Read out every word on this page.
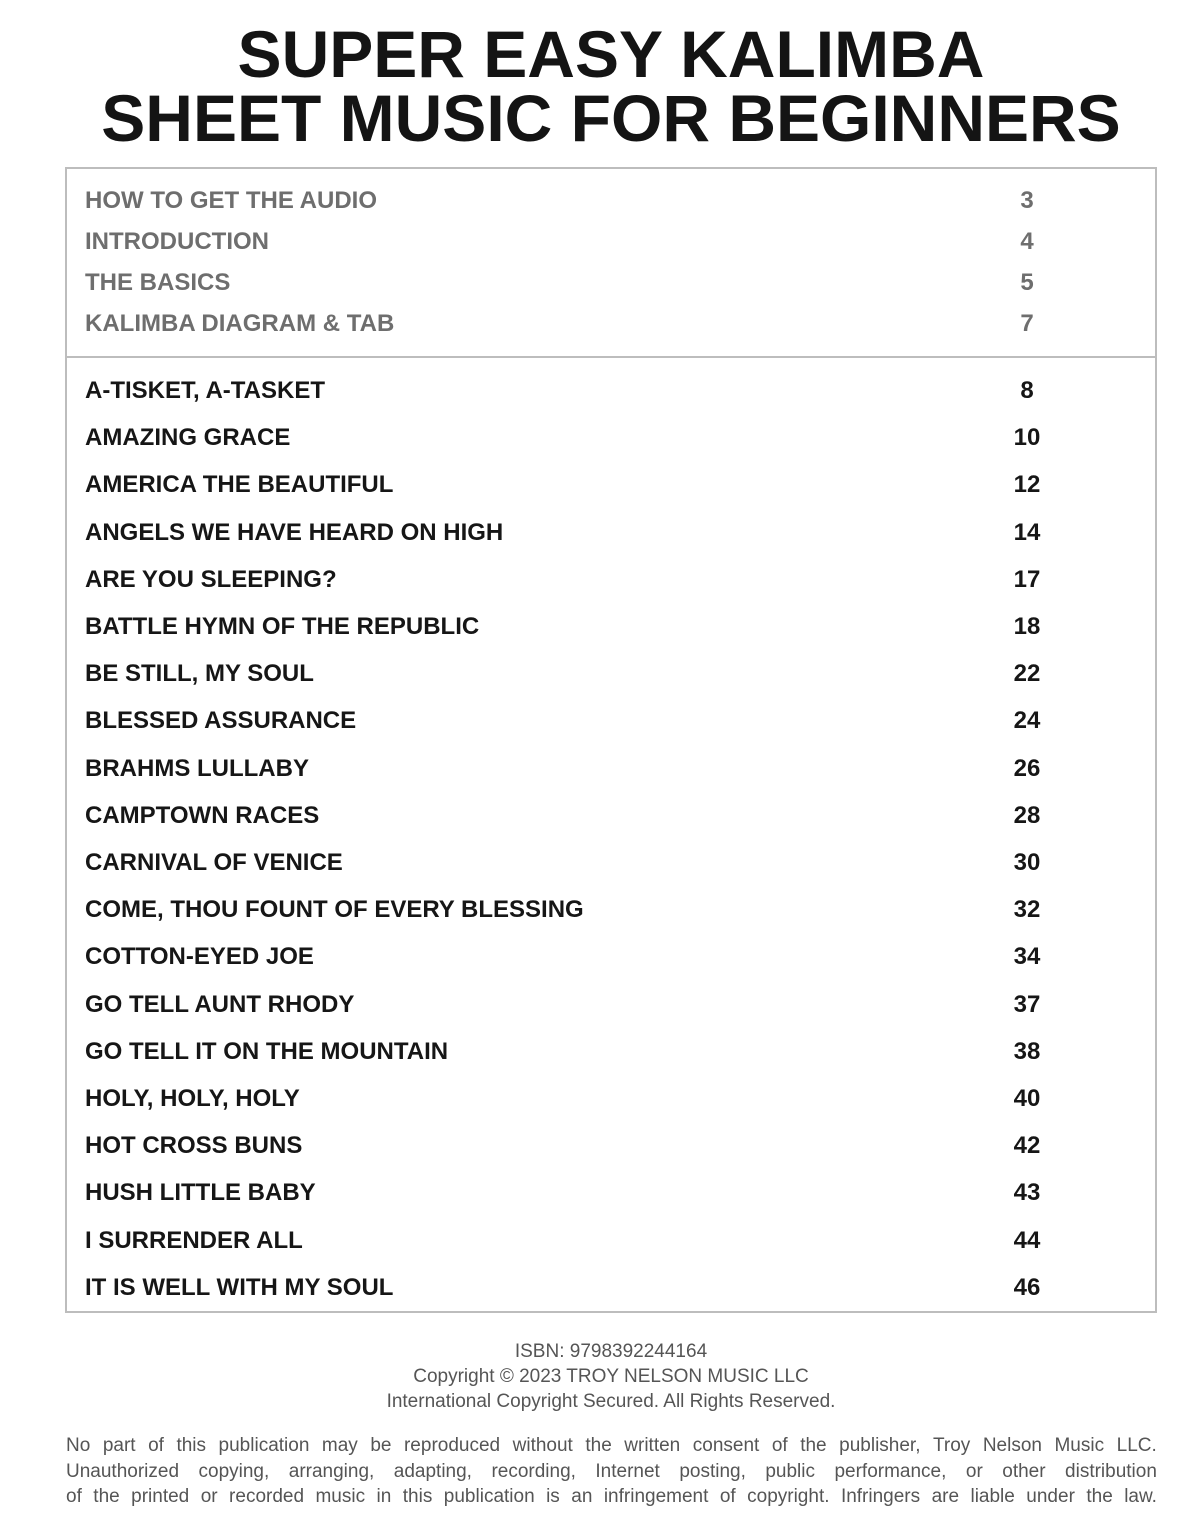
SUPER EASY KALIMBA
SHEET MUSIC FOR BEGINNERS
HOW TO GET THE AUDIO	3
INTRODUCTION	4
THE BASICS	5
KALIMBA DIAGRAM & TAB	7
A-TISKET, A-TASKET	8
AMAZING GRACE	10
AMERICA THE BEAUTIFUL	12
ANGELS WE HAVE HEARD ON HIGH	14
ARE YOU SLEEPING?	17
BATTLE HYMN OF THE REPUBLIC	18
BE STILL, MY SOUL	22
BLESSED ASSURANCE	24
BRAHMS LULLABY	26
CAMPTOWN RACES	28
CARNIVAL OF VENICE	30
COME, THOU FOUNT OF EVERY BLESSING	32
COTTON-EYED JOE	34
GO TELL AUNT RHODY	37
GO TELL IT ON THE MOUNTAIN	38
HOLY, HOLY, HOLY	40
HOT CROSS BUNS	42
HUSH LITTLE BABY	43
I SURRENDER ALL	44
IT IS WELL WITH MY SOUL	46
ISBN: 9798392244164
Copyright © 2023 TROY NELSON MUSIC LLC
International Copyright Secured. All Rights Reserved.
No part of this publication may be reproduced without the written consent of the publisher, Troy Nelson Music LLC.
Unauthorized copying, arranging, adapting, recording, Internet posting, public performance, or other distribution
of the printed or recorded music in this publication is an infringement of copyright. Infringers are liable under the law.
